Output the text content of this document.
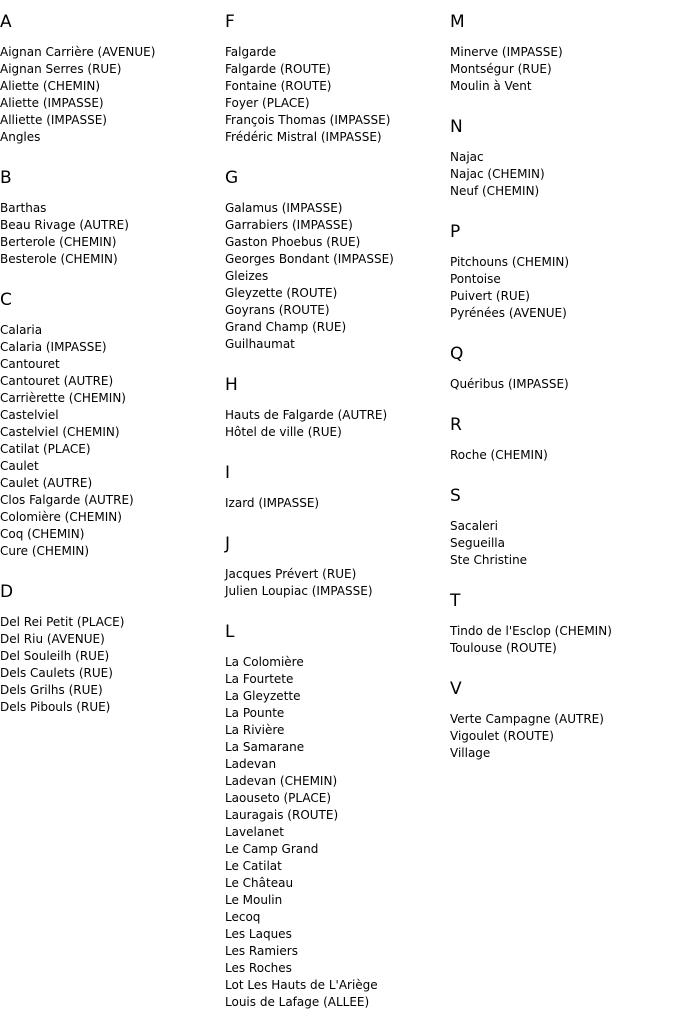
A
Aignan Carrière (AVENUE)
Aignan Serres (RUE)
Aliette (CHEMIN)
Aliette (IMPASSE)
Alliette (IMPASSE)
Angles
B
Barthas
Beau Rivage (AUTRE)
Berterole (CHEMIN)
Besterole (CHEMIN)
C
Calaria
Calaria (IMPASSE)
Cantouret
Cantouret (AUTRE)
Carrièrette (CHEMIN)
Castelviel
Castelviel (CHEMIN)
Catilat (PLACE)
Caulet
Caulet (AUTRE)
Clos Falgarde (AUTRE)
Colomière (CHEMIN)
Coq (CHEMIN)
Cure (CHEMIN)
D
Del Rei Petit (PLACE)
Del Riu (AVENUE)
Del Souleilh (RUE)
Dels Caulets (RUE)
Dels Grilhs (RUE)
Dels Pibouls (RUE)
F
Falgarde
Falgarde (ROUTE)
Fontaine (ROUTE)
Foyer (PLACE)
François Thomas (IMPASSE)
Frédéric Mistral (IMPASSE)
G
Galamus (IMPASSE)
Garrabiers (IMPASSE)
Gaston Phoebus (RUE)
Georges Bondant (IMPASSE)
Gleizes
Gleyzette (ROUTE)
Goyrans (ROUTE)
Grand Champ (RUE)
Guilhaumat
H
Hauts de Falgarde (AUTRE)
Hôtel de ville (RUE)
I
Izard (IMPASSE)
J
Jacques Prévert (RUE)
Julien Loupiac (IMPASSE)
L
La Colomière
La Fourtete
La Gleyzette
La Pounte
La Rivière
La Samarane
Ladevan
Ladevan (CHEMIN)
Laouseto (PLACE)
Lauragais (ROUTE)
Lavelanet
Le Camp Grand
Le Catilat
Le Château
Le Moulin
Lecoq
Les Laques
Les Ramiers
Les Roches
Lot Les Hauts de L'Ariège
Louis de Lafage (ALLEE)
M
Minerve (IMPASSE)
Montségur (RUE)
Moulin à Vent
N
Najac
Najac (CHEMIN)
Neuf (CHEMIN)
P
Pitchouns (CHEMIN)
Pontoise
Puivert (RUE)
Pyrénées (AVENUE)
Q
Quéribus (IMPASSE)
R
Roche (CHEMIN)
S
Sacaleri
Segueilla
Ste Christine
T
Tindo de l'Esclop (CHEMIN)
Toulouse (ROUTE)
V
Verte Campagne (AUTRE)
Vigoulet (ROUTE)
Village
